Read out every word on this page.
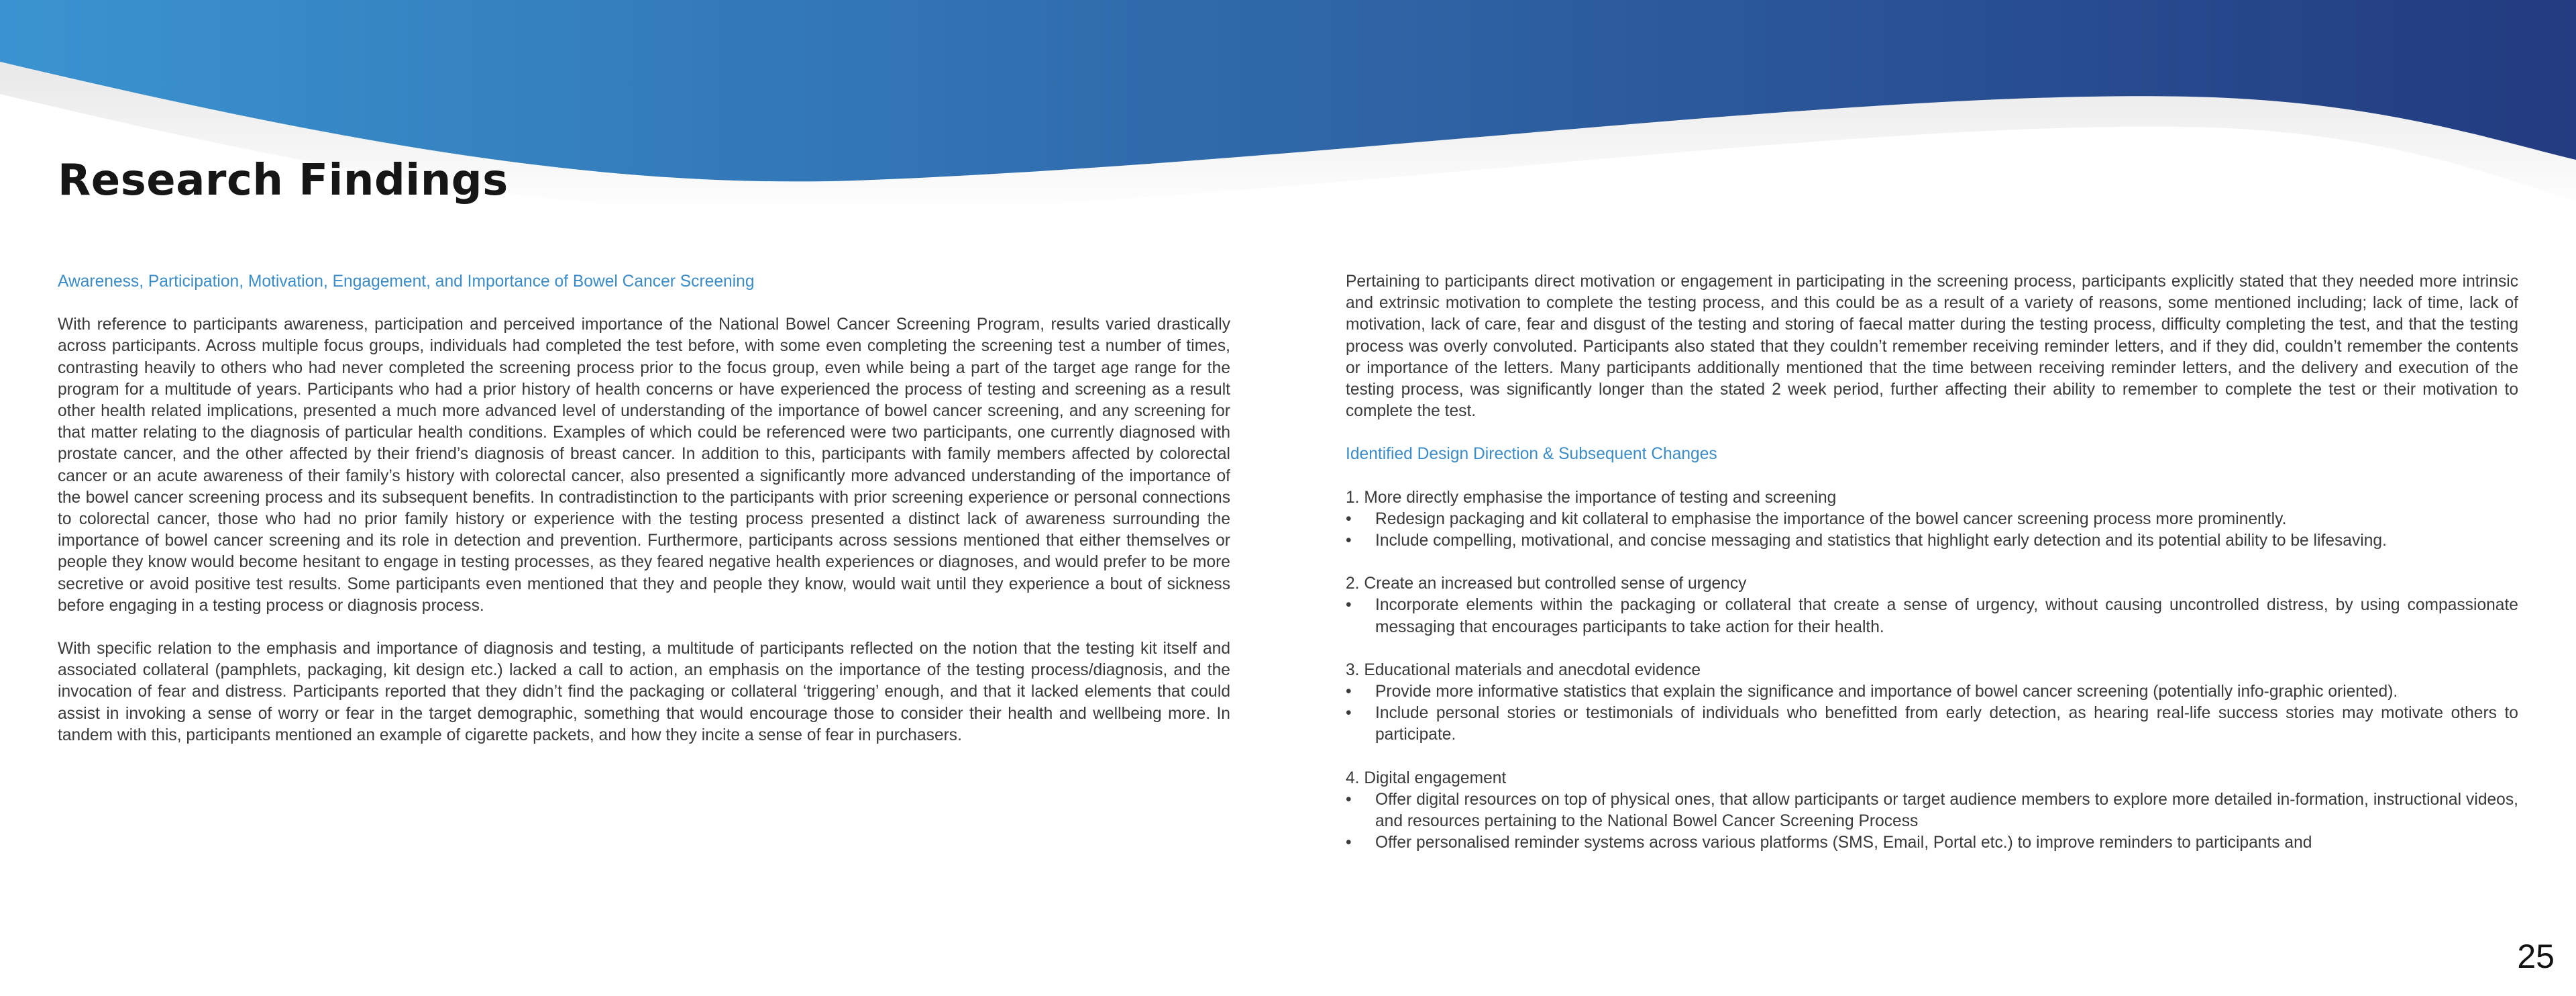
Research Findings
Awareness, Participation, Motivation, Engagement, and Importance of Bowel Cancer Screening

With reference to participants awareness, participation and perceived importance of the National Bowel Cancer Screening Program, results varied drastically across participants. Across multiple focus groups, individuals had completed the test before, with some even completing the screening test a number of times, contrasting heavily to others who had never completed the screening process prior to the focus group, even while being a part of the target age range for the program for a multitude of years. Participants who had a prior history of health concerns or have experienced the process of testing and screening as a result other health related implications, presented a much more advanced level of understanding of the importance of bowel cancer screening, and any screening for that matter relating to the diagnosis of particular health conditions. Examples of which could be referenced were two participants, one currently diagnosed with prostate cancer, and the other affected by their friend’s diagnosis of breast cancer. In addition to this, participants with family members affected by colorectal cancer or an acute awareness of their family’s history with colorectal cancer, also presented a significantly more advanced understanding of the importance of the bowel cancer screening process and its subsequent benefits. In contradistinction to the participants with prior screening experience or personal connections to colorectal cancer, those who had no prior family history or experience with the testing process presented a distinct lack of awareness surrounding the importance of bowel cancer screening and its role in detection and prevention. Furthermore, participants across sessions mentioned that either themselves or people they know would become hesitant to engage in testing processes, as they feared negative health experiences or diagnoses, and would prefer to be more secretive or avoid positive test results. Some participants even mentioned that they and people they know, would wait until they experience a bout of sickness before engaging in a testing process or diagnosis process.

With specific relation to the emphasis and importance of diagnosis and testing, a multitude of participants reflected on the notion that the testing kit itself and associated collateral (pamphlets, packaging, kit design etc.) lacked a call to action, an emphasis on the importance of the testing process/diagnosis, and the invocation of fear and distress. Participants reported that they didn’t find the packaging or collateral ‘triggering’ enough, and that it lacked elements that could assist in invoking a sense of worry or fear in the target demographic, something that would encourage those to consider their health and wellbeing more. In tandem with this, participants mentioned an example of cigarette packets, and how they incite a sense of fear in purchasers.

Pertaining to participants direct motivation or engagement in participating in the screening process, participants explicitly stated that they needed more intrinsic and extrinsic motivation to complete the testing process, and this could be as a result of a variety of reasons, some mentioned including; lack of time, lack of motivation, lack of care, fear and disgust of the testing and storing of faecal matter during the testing process, difficulty completing the test, and that the testing process was overly convoluted. Participants also stated that they couldn’t remember receiving reminder letters, and if they did, couldn’t remember the contents or importance of the letters. Many participants additionally mentioned that the time between receiving reminder letters, and the delivery and execution of the testing process, was significantly longer than the stated 2 week period, further affecting their ability to remember to complete the test or their motivation to complete the test.

Identified Design Direction & Subsequent Changes
1. More directly emphasise the importance of testing and screening
• Redesign packaging and kit collateral to emphasise the importance of the bowel cancer screening process more prominently.
• Include compelling, motivational, and concise messaging and statistics that highlight early detection and its potential ability to be lifesaving.
2. Create an increased but controlled sense of urgency
• Incorporate elements within the packaging or collateral that create a sense of urgency, without causing uncontrolled distress, by using compassionate messaging that encourages participants to take action for their health.
3. Educational materials and anecdotal evidence
• Provide more informative statistics that explain the significance and importance of bowel cancer screening (potentially info-graphic oriented).
• Include personal stories or testimonials of individuals who benefitted from early detection, as hearing real-life success stories may motivate others to participate.
4. Digital engagement
• Offer digital resources on top of physical ones, that allow participants or target audience members to explore more detailed in-formation, instructional videos, and resources pertaining to the National Bowel Cancer Screening Process
• Offer personalised reminder systems across various platforms (SMS, Email, Portal etc.) to improve reminders to participants and
25
